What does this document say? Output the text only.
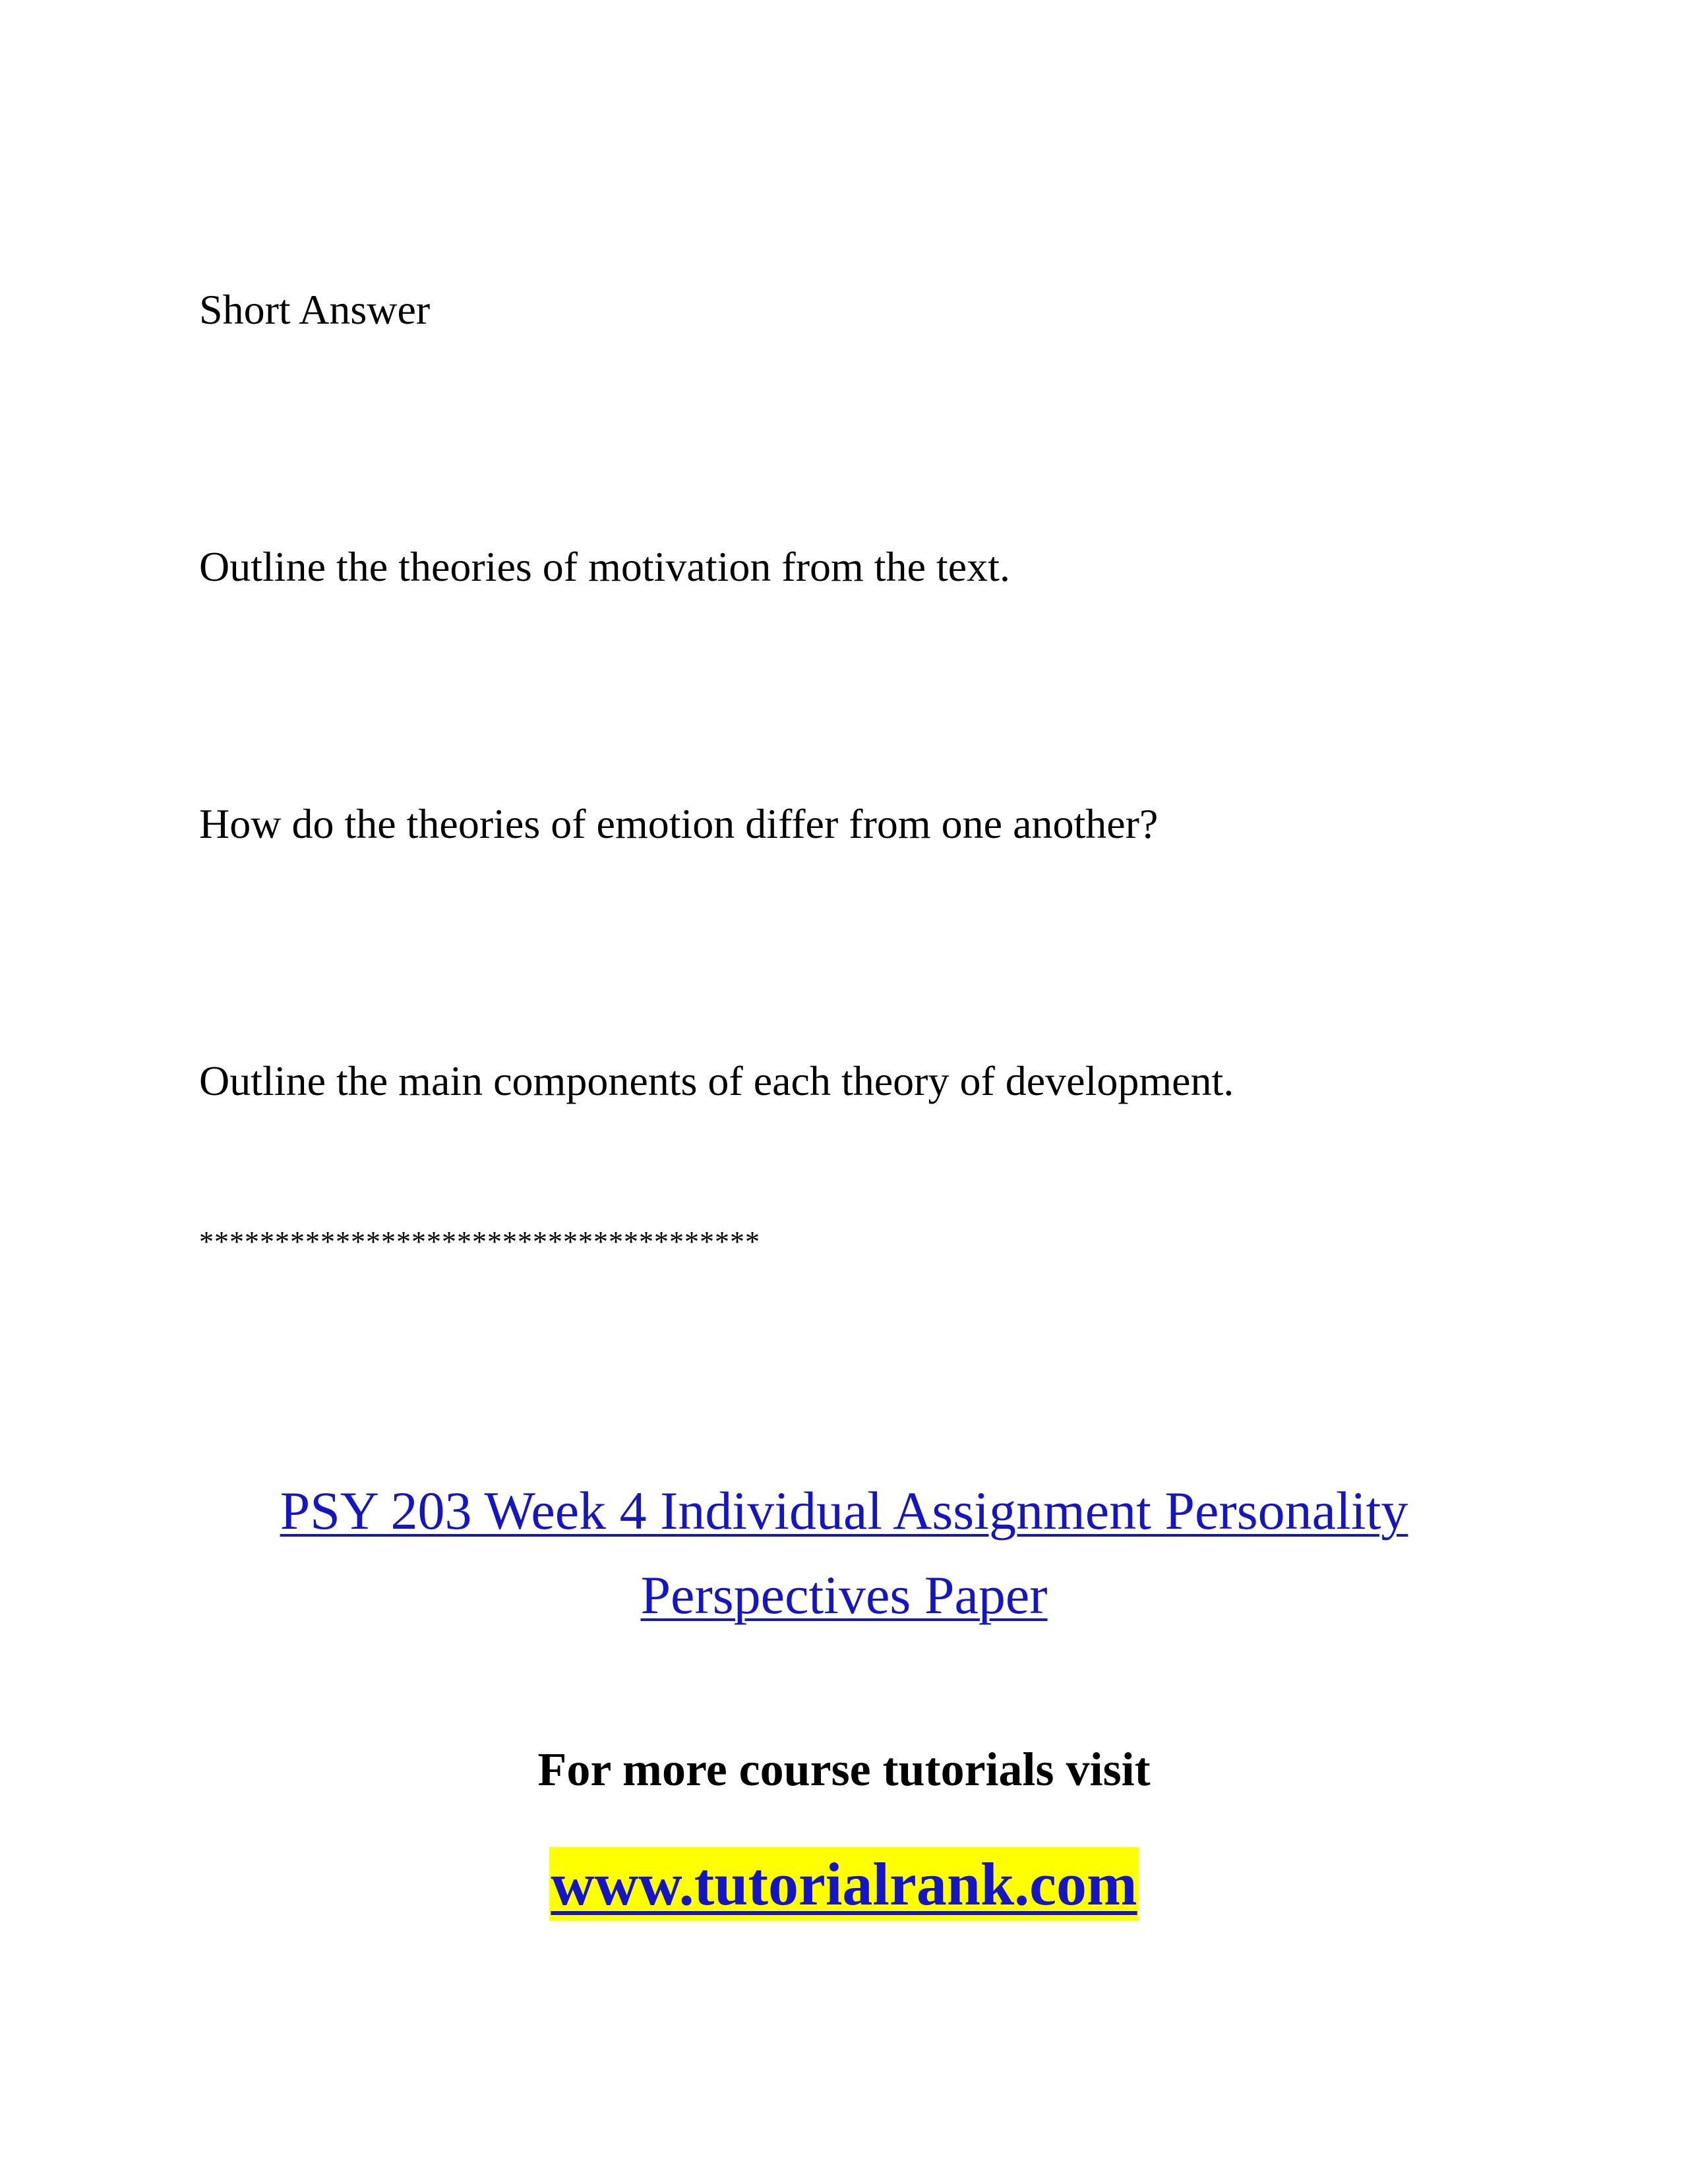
Short Answer

Outline the theories of motivation from the text.

How do the theories of emotion differ from one another?

Outline the main components of each theory of development.

*************************************
PSY 203 Week 4 Individual Assignment Personality
Perspectives Paper
For more course tutorials visit
www.tutorialrank.com
